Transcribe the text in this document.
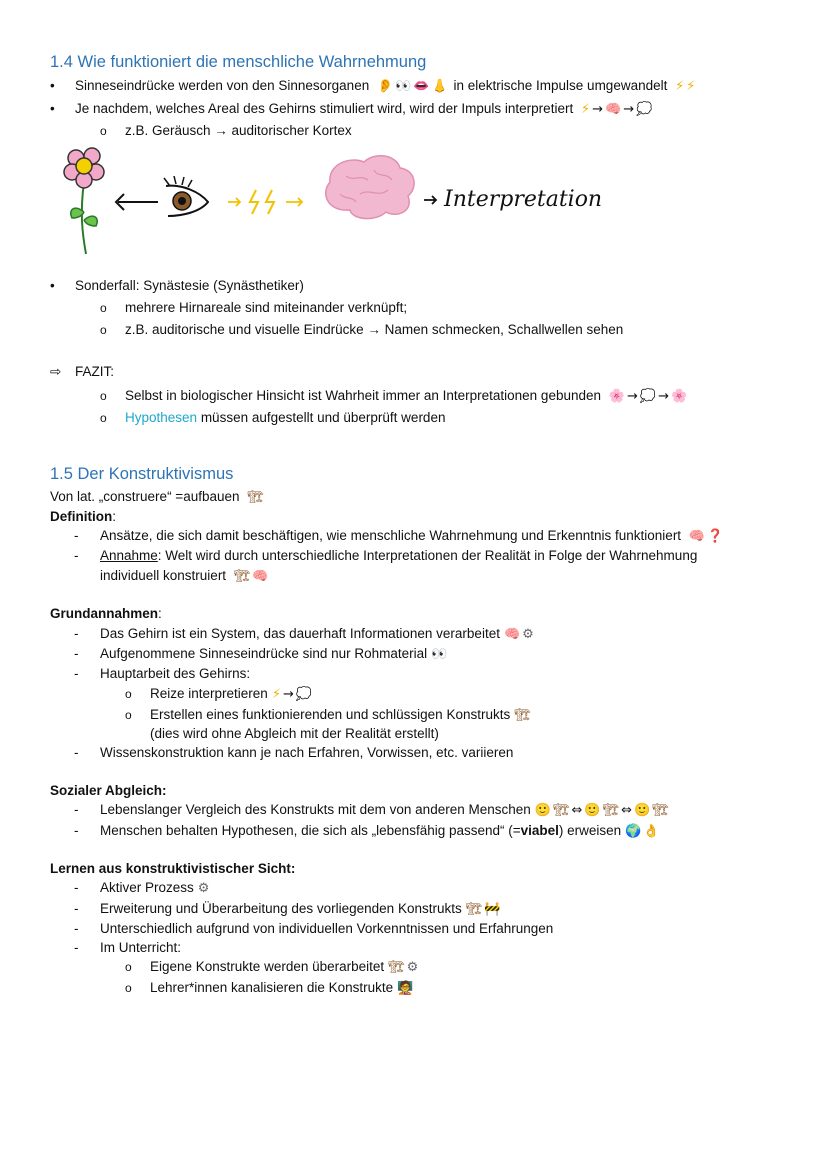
1.4 Wie funktioniert die menschliche Wahrnehmung
• Sinneseindrücke werden von den Sinnesorganen 👂 👀 👄 👃 in elektrische Impulse umgewandelt ⚡ ⚡
• Je nachdem, welches Areal des Gehirns stimuliert wird, wird der Impuls interpretiert ⚡ → 🧠 → 💭
o z.B. Geräusch → auditorischer Kortex
Interpretation
• Sonderfall: Synästesie (Synästhetiker)
o mehrere Hirnareale sind miteinander verknüpft;
o z.B. auditorische und visuelle Eindrücke → Namen schmecken, Schallwellen sehen
⇨ FAZIT:
o Selbst in biologischer Hinsicht ist Wahrheit immer an Interpretationen gebunden 🌸 → 💭 → 🌸
o Hypothesen müssen aufgestellt und überprüft werden
1.5 Der Konstruktivismus
Von lat. „construere“ =aufbauen 🏗
Definition:
- Ansätze, die sich damit beschäftigen, wie menschliche Wahrnehmung und Erkenntnis funktioniert 🧠 ❓
- Annahme: Welt wird durch unterschiedliche Interpretationen der Realität in Folge der Wahrnehmung
individuell konstruiert 🏗 🧠
Grundannahmen:
- Das Gehirn ist ein System, das dauerhaft Informationen verarbeitet 🧠 ⚙
- Aufgenommene Sinneseindrücke sind nur Rohmaterial 👀
- Hauptarbeit des Gehirns:
o Reize interpretieren ⚡ → 💭
o Erstellen eines funktionierenden und schlüssigen Konstrukts 🏗
(dies wird ohne Abgleich mit der Realität erstellt)
- Wissenskonstruktion kann je nach Erfahren, Vorwissen, etc. variieren
Sozialer Abgleich:
- Lebenslanger Vergleich des Konstrukts mit dem von anderen Menschen 🙂 🏗 ⇔ 🙂 🏗 ⇔ 🙂 🏗
- Menschen behalten Hypothesen, die sich als „lebensfähig passend“ (=viabel) erweisen 🌍 👌
Lernen aus konstruktivistischer Sicht:
- Aktiver Prozess ⚙
- Erweiterung und Überarbeitung des vorliegenden Konstrukts 🏗 🚧
- Unterschiedlich aufgrund von individuellen Vorkenntnissen und Erfahrungen
- Im Unterricht:
o Eigene Konstrukte werden überarbeitet 🏗 ⚙
o Lehrer*innen kanalisieren die Konstrukte 🧑‍🏫
